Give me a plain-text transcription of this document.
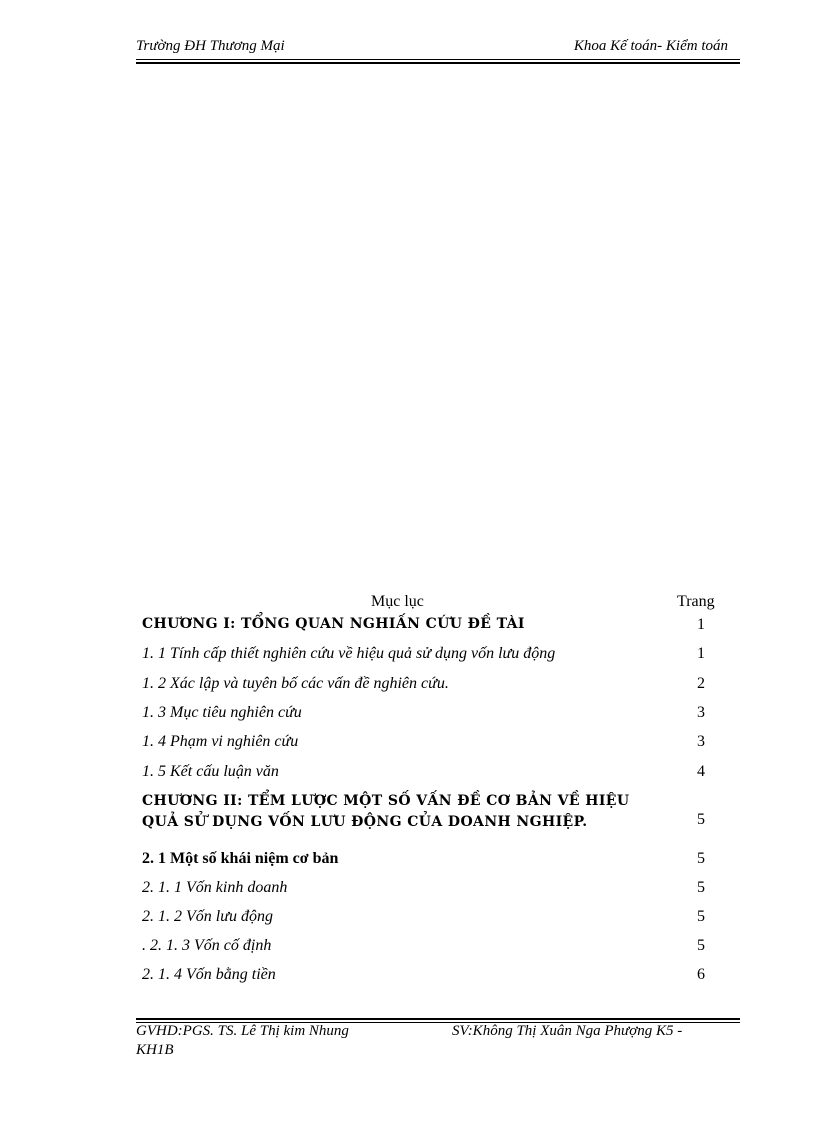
Trường ĐH Thương Mại	Khoa Kế toán- Kiểm toán
Mục lục	Trang
CHƯƠNG I: TỔNG QUAN NGHIẤN CỨU ĐỀ TÀI	1
1. 1 Tính cấp thiết nghiên cứu về hiệu quả sử dụng vốn lưu động	1
1. 2 Xác lập và tuyên bố các vấn đề nghiên cứu.	2
1. 3 Mục tiêu nghiên cứu	3
1. 4 Phạm vi nghiên cứu	3
1. 5 Kết cấu luận văn	4
CHƯƠNG II: TỂM LƯỢC MỘT SỐ VẤN ĐỀ CƠ BẢN VỀ HIỆU
QUẢ SỬ DỤNG VỐN LƯU ĐỘNG CỦA DOANH NGHIỆP.	5
2. 1 Một số khái niệm cơ bản	5
2. 1. 1 Vốn kinh doanh	5
2. 1. 2 Vốn lưu động	5
. 2. 1. 3 Vốn cố định	5
2. 1. 4 Vốn bằng tiền	6
GVHD:PGS. TS. Lê Thị kim Nhung	SV:Không Thị Xuân Nga Phượng K5 -
KH1B
